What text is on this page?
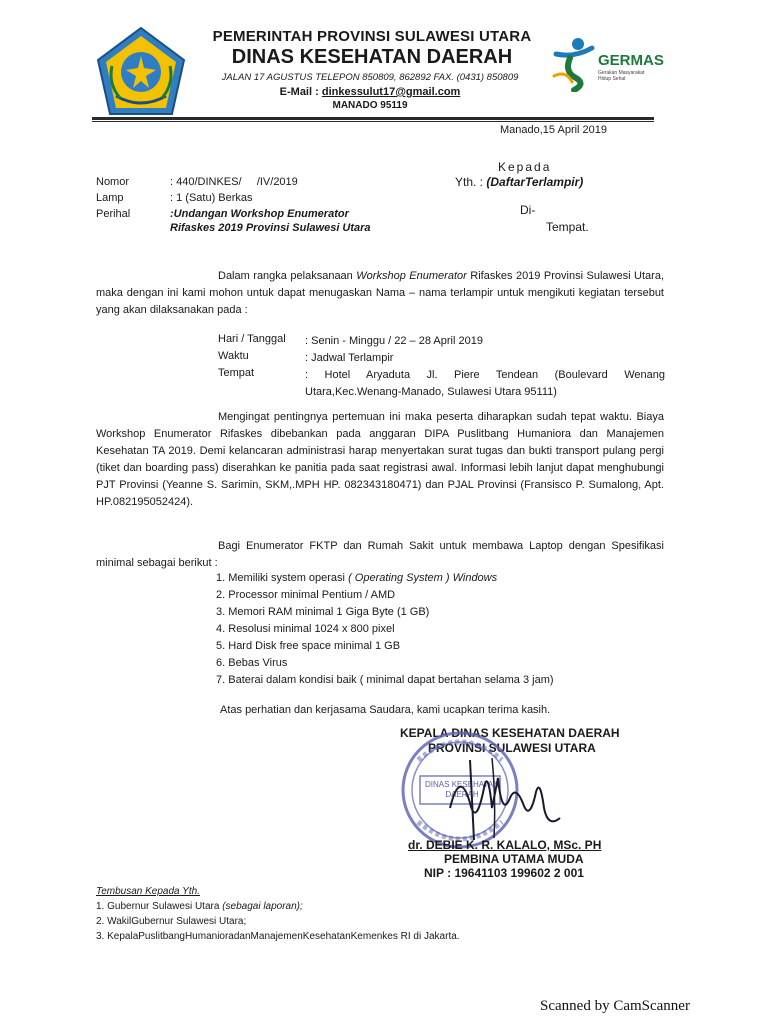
PEMERINTAH PROVINSI SULAWESI UTARA
DINAS KESEHATAN DAERAH
JALAN 17 AGUSTUS TELEPON 850809, 862892 FAX. (0431) 850809
E-Mail : dinkessulut17@gmail.com
MANADO 95119
GERMAS
Gerakan Masyarakat Hidup Sehat
Manado,15 April 2019
Kepada
Yth. : (DaftarTerlampir)
Di-
Tempat.
Nomor	: 440/DINKES/     /IV/2019
Lamp	: 1 (Satu) Berkas
Perihal	:Undangan Workshop Enumerator
Rifaskes 2019 Provinsi Sulawesi Utara
Dalam rangka pelaksanaan Workshop Enumerator Rifaskes 2019 Provinsi Sulawesi Utara, maka dengan ini kami mohon untuk dapat menugaskan Nama – nama terlampir untuk mengikuti kegiatan tersebut yang akan dilaksanakan pada :
Hari / Tanggal : Senin - Minggu / 22 – 28 April 2019
Waktu	: Jadwal Terlampir
Tempat	: Hotel Aryaduta Jl. Piere Tendean (Boulevard Wenang Utara,Kec.Wenang-Manado, Sulawesi Utara 95111)
Mengingat pentingnya pertemuan ini maka peserta diharapkan sudah tepat waktu. Biaya Workshop Enumerator Rifaskes dibebankan pada anggaran DIPA Puslitbang Humaniora dan Manajemen Kesehatan TA 2019. Demi kelancaran administrasi harap menyertakan surat tugas dan bukti transport pulang pergi (tiket dan boarding pass) diserahkan ke panitia pada saat registrasi awal. Informasi lebih lanjut dapat menghubungi PJT Provinsi (Yeanne S. Sarimin, SKM,.MPH HP. 082343180471) dan PJAL Provinsi (Fransisco P. Sumalong, Apt. HP.082195052424).
Bagi Enumerator FKTP dan Rumah Sakit untuk membawa Laptop dengan Spesifikasi minimal sebagai berikut :
1. Memiliki system operasi ( Operating System ) Windows
2. Processor minimal Pentium / AMD
3. Memori RAM minimal 1 Giga Byte (1 GB)
4. Resolusi minimal 1024 x 800 pixel
5. Hard Disk free space minimal 1 GB
6. Bebas Virus
7. Baterai dalam kondisi baik ( minimal dapat bertahan selama 3 jam)
Atas perhatian dan kerjasama Saudara, kami ucapkan terima kasih.
KEPALA DINAS KESEHATAN DAERAH
PROVINSI SULAWESI UTARA
DINAS KESEHATAN DAERAH
dr. DEBIE K. R. KALALO, MSc. PH
PEMBINA UTAMA MUDA
NIP : 19641103 199602 2 001
Tembusan Kepada Yth.
1. Gubernur Sulawesi Utara (sebagai laporan);
2. WakilGubernur Sulawesi Utara;
3. KepalaPuslitbangHumanioradanManajemenKesehatanKemenkes RI di Jakarta.
Scanned by CamScanner
